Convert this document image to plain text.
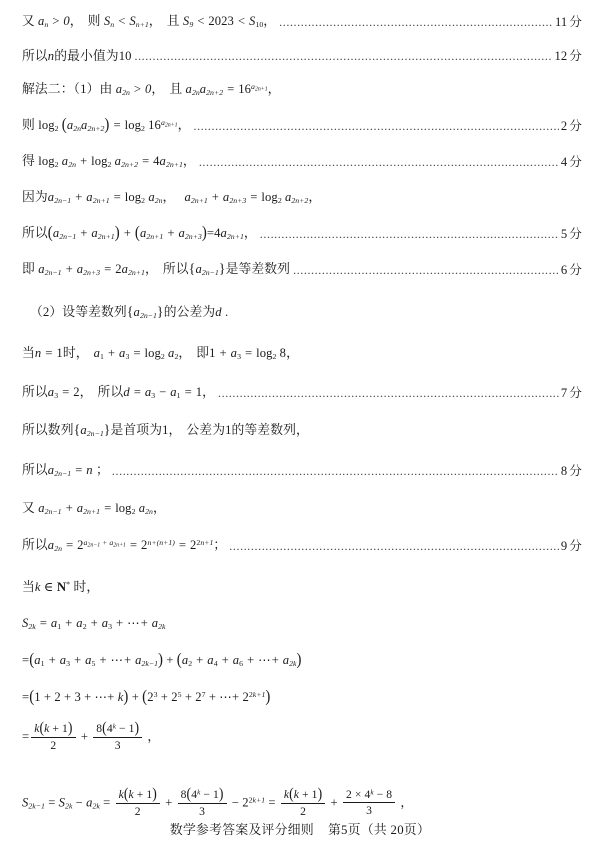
又 $a_n > 0$， 则 $S_n < S_{n+1}$， 且 $S_9 < 2023 < S_{10}$， .....	11 分
所以n的最小值为10 .....	12 分
解法二：（1）由 $a_{2n} > 0$， 且 $a_{2n}a_{2n+2} = 16^{a_{2n+1}}$，
则 $\log_2 (a_{2n}a_{2n+2}) = \log_2 16^{a_{2n+1}}$， .....	2 分
得 $\log_2 a_{2n} + \log_2 a_{2n+2} = 4a_{2n+1}$， .....	4 分
因为$a_{2n-1} + a_{2n+1} = \log_2 a_{2n}$， $a_{2n+1} + a_{2n+3} = \log_2 a_{2n+2}$，
所以$(a_{2n-1} + a_{2n+1}) + (a_{2n+1} + a_{2n+3})=4a_{2n+1}$， .....	5 分
即 $a_{2n-1} + a_{2n+3} = 2a_{2n+1}$， 所以$\{a_{2n-1}\}$是等差数列 .....	6 分
（2）设等差数列$\{a_{2n-1}\}$的公差为d .
当n = 1时， $a_1 + a_3 = \log_2 a_2$， 即$1 + a_3 = \log_2 8$，
所以$a_3 = 2$， 所以$d = a_3 - a_1 = 1$， .....	7 分
所以数列$\{a_{2n-1}\}$是首项为1， 公差为1的等差数列，
所以$a_{2n-1} = n$ ； .....	8 分
又 $a_{2n-1} + a_{2n+1} = \log_2 a_{2n}$，
所以$a_{2n} = 2^{a_{2n-1} + a_{2n+1}} = 2^{n+(n+1)} = 2^{2n+1}$； .....	9 分
当k ∈ N* 时，
$S_{2k} = a_1 + a_2 + a_3$ + ⋯+ $a_{2k}$
$=(a_1 + a_3 + a_5$ + ⋯+ $a_{2k-1}) + (a_2 + a_4 + a_6$ + ⋯+ $a_{2k}$)
=(1 + 2 + 3 + ⋯+ $k) + (2^3 + 2^5 + 2^7$ + ⋯+ $2^{2k+1}$)
= $\frac{k(k + 1)}{2} + \frac{8(4^k - 1)}{3}$ ，
$S_{2k-1} = S_{2k} - a_{2k} = \frac{k(k + 1)}{2} + \frac{8(4^k - 1)}{3} - 2^{2k+1} = \frac{k(k + 1)}{2} + \frac{2 \times 4^k - 8}{3}$ ，
数学参考答案及评分细则 第5页（共 20页）
